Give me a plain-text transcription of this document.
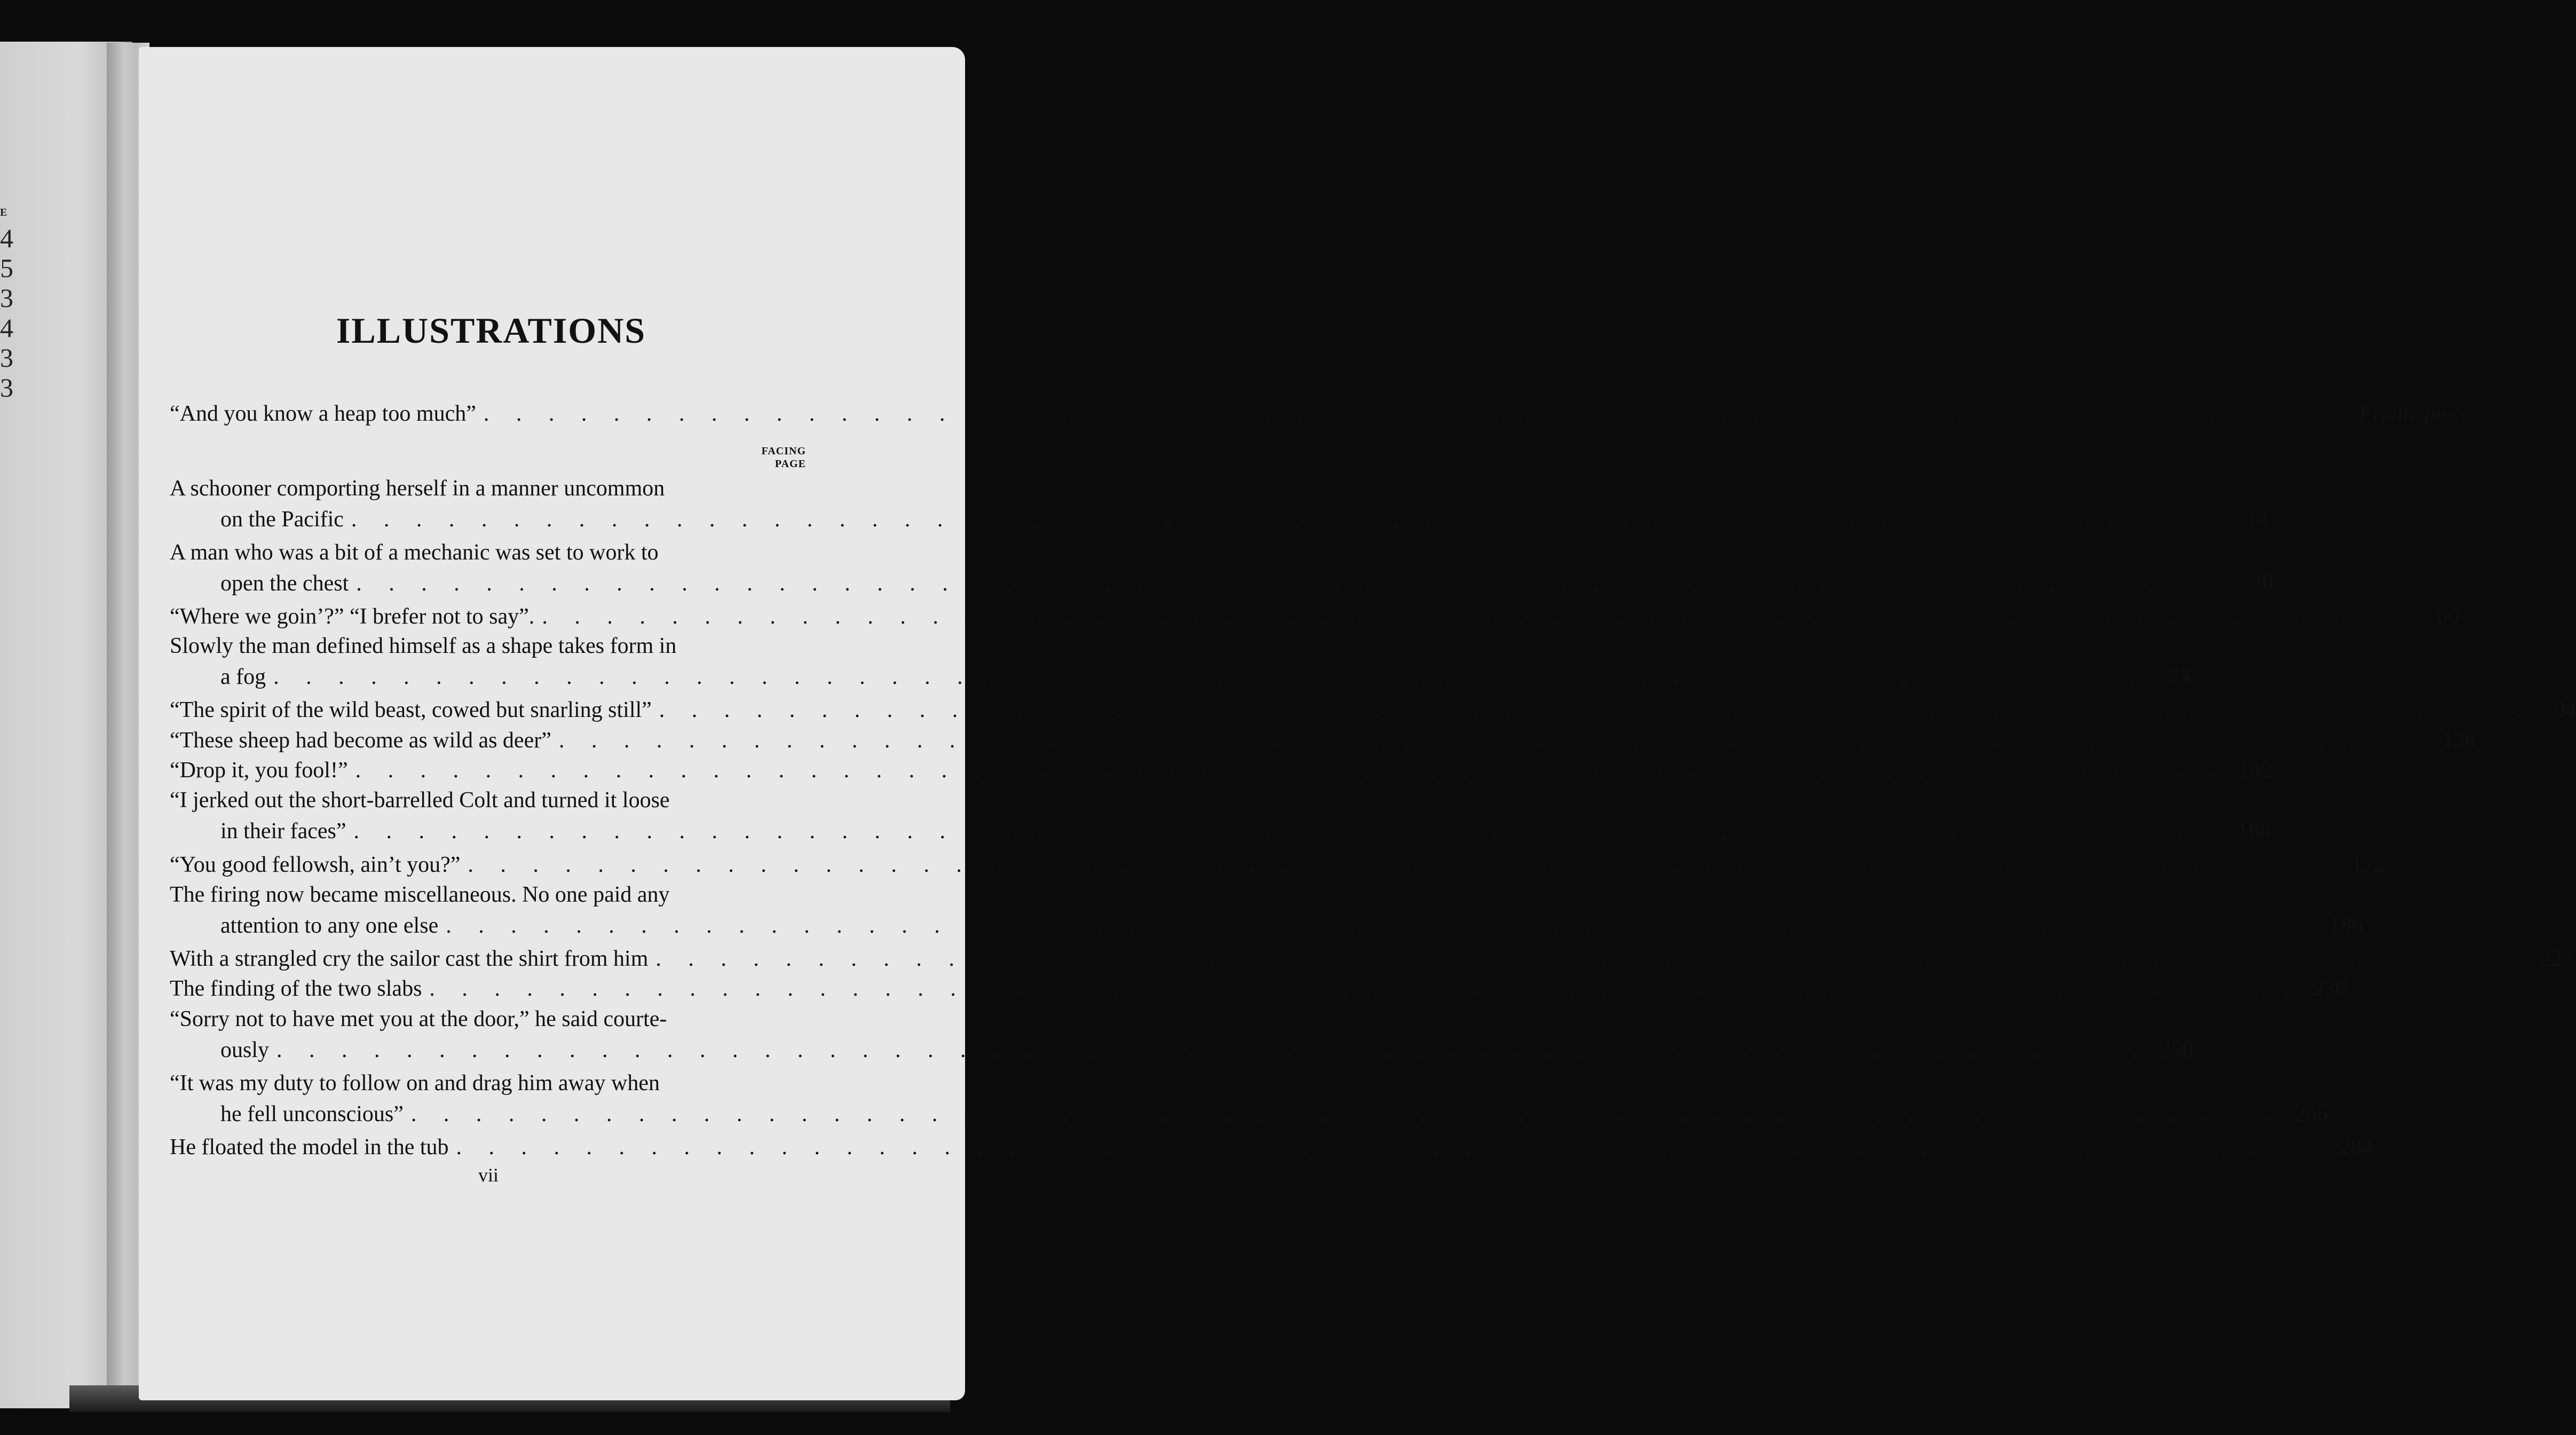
E
4
5
3
4
3
3
ILLUSTRATIONS
“And you know a heap too much” . . .	Frontispiece
FACING
PAGE
A schooner comporting herself in a manner uncommon
on the Pacific . . .	14
A man who was a bit of a mechanic was set to work to
open the chest . . .	30
“Where we goin’?” “I brefer not to say”. . . .	60
Slowly the man defined himself as a shape takes form in
a fog . . .	74
“The spirit of the wild beast, cowed but snarling still” . . .	94
“These sheep had become as wild as deer” . . .	136
“Drop it, you fool!” . . .	142
“I jerked out the short-barrelled Colt and turned it loose
in their faces” . . .	168
“You good fellowsh, ain’t you?” . . .	172
The firing now became miscellaneous. No one paid any
attention to any one else . . .	186
With a strangled cry the sailor cast the shirt from him . . .	222
The finding of the two slabs . . .	236
“Sorry not to have met you at the door,” he said courte-
ously . . .	250
“It was my duty to follow on and drag him away when
he fell unconscious” . . .	266
He floated the model in the tub . . .	284
vii
